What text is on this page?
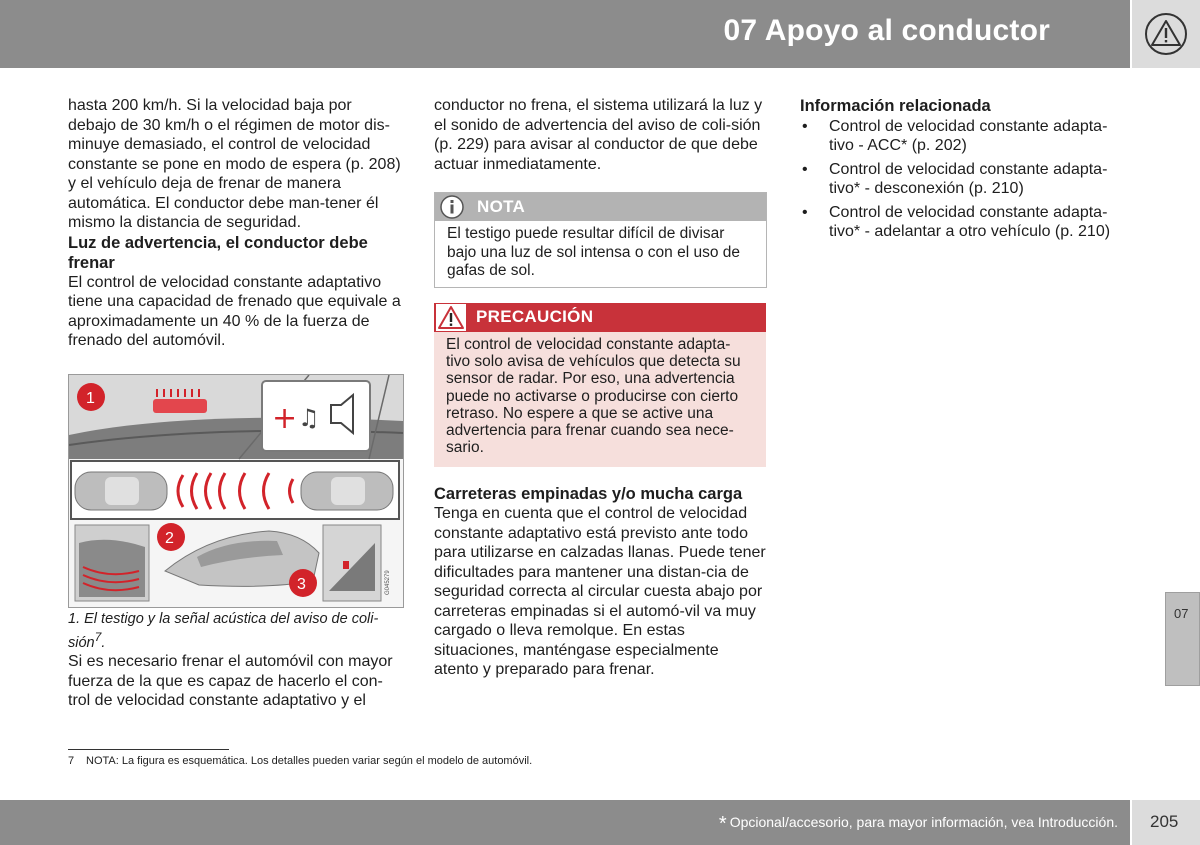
07 Apoyo al conductor

hasta 200 km/h. Si la velocidad baja por debajo de 30 km/h o el régimen de motor dis-minuye demasiado, el control de velocidad constante se pone en modo de espera (p. 208) y el vehículo deja de frenar de manera automática. El conductor debe man-tener él mismo la distancia de seguridad.

Luz de advertencia, el conductor debe frenar

El control de velocidad constante adaptativo tiene una capacidad de frenado que equivale a aproximadamente un 40 % de la fuerza de frenado del automóvil.

+ ♫
1
2
3	G045279
1. El testigo y la señal acústica del aviso de coli-sión$^7$.
Si es necesario frenar el automóvil con mayor fuerza de la que es capaz de hacerlo el con-trol de velocidad constante adaptativo y el

conductor no frena, el sistema utilizará la luz y el sonido de advertencia del aviso de coli-sión (p. 229) para avisar al conductor de que debe actuar inmediatamente.

NOTA
El testigo puede resultar difícil de divisar bajo una luz de sol intensa o con el uso de gafas de sol.
PRECAUCIÓN
El control de velocidad constante adapta-tivo solo avisa de vehículos que detecta su sensor de radar. Por eso, una advertencia puede no activarse o producirse con cierto retraso. No espere a que se active una advertencia para frenar cuando sea nece-sario.

Carreteras empinadas y/o mucha carga

Tenga en cuenta que el control de velocidad constante adaptativo está previsto ante todo para utilizarse en calzadas llanas. Puede tener dificultades para mantener una distan-cia de seguridad correcta al circular cuesta abajo por carreteras empinadas si el automó-vil va muy cargado o lleva remolque. En estas situaciones, manténgase especialmente atento y preparado para frenar.

Información relacionada

• Control de velocidad constante adapta-tivo - ACC* (p. 202)
• Control de velocidad constante adapta-tivo* - desconexión (p. 210)
• Control de velocidad constante adapta-tivo* - adelantar a otro vehículo (p. 210)
07
7 NOTA: La figura es esquemática. Los detalles pueden variar según el modelo de automóvil.
* Opcional/accesorio, para mayor información, vea Introducción. 205
